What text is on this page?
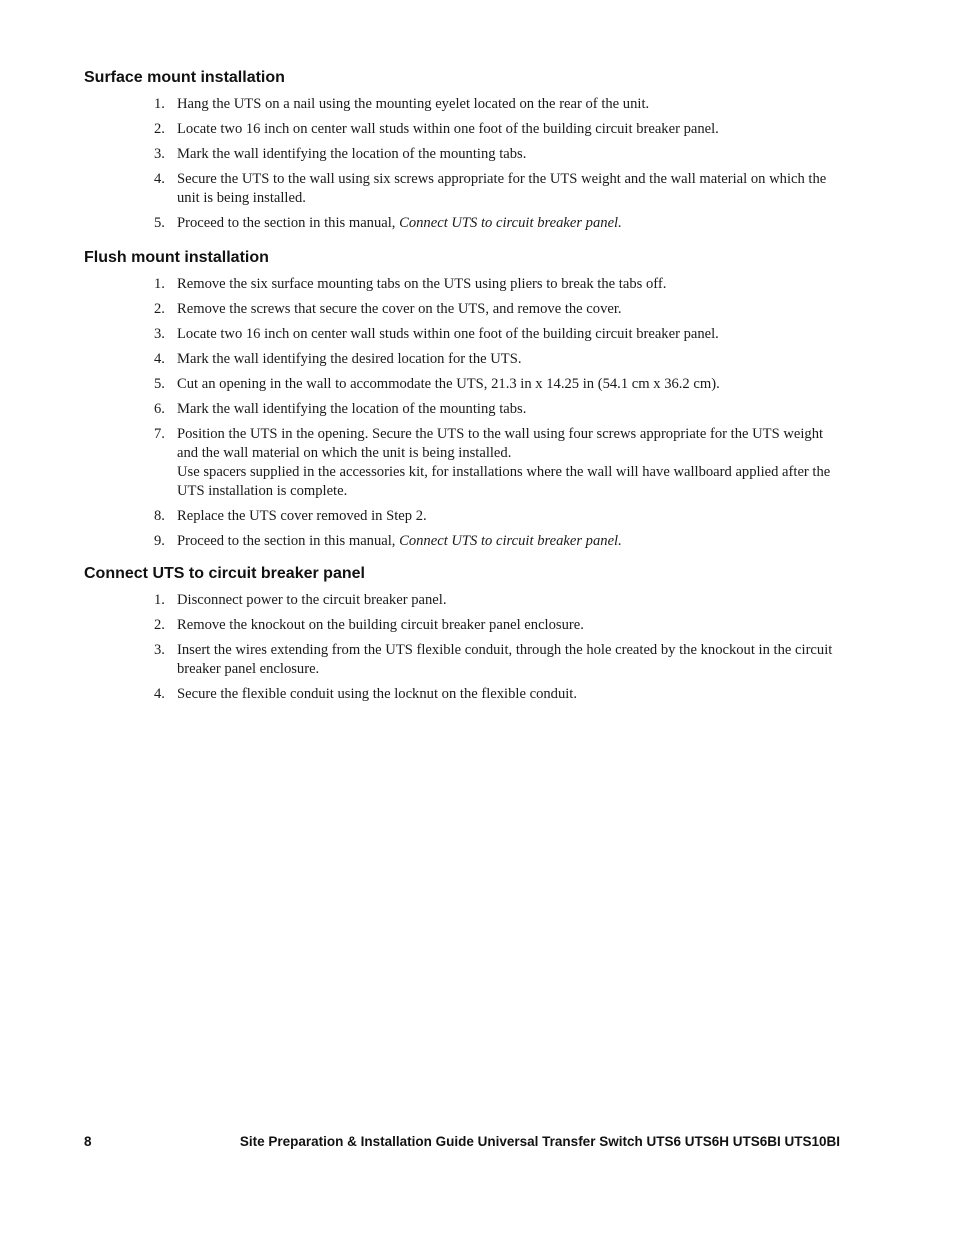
Surface mount installation
1. Hang the UTS on a nail using the mounting eyelet located on the rear of the unit.
2. Locate two 16 inch on center wall studs within one foot of the building circuit breaker panel.
3. Mark the wall identifying the location of the mounting tabs.
4. Secure the UTS to the wall using six screws appropriate for the UTS weight and the wall material on which the unit is being installed.
5. Proceed to the section in this manual, Connect UTS to circuit breaker panel.
Flush mount installation
1. Remove the six surface mounting tabs on the UTS using pliers to break the tabs off.
2. Remove the screws that secure the cover on the UTS, and remove the cover.
3. Locate two 16 inch on center wall studs within one foot of the building circuit breaker panel.
4. Mark the wall identifying the desired location for the UTS.
5. Cut an opening in the wall to accommodate the UTS, 21.3 in x 14.25 in (54.1 cm x 36.2 cm).
6. Mark the wall identifying the location of the mounting tabs.
7. Position the UTS in the opening. Secure the UTS to the wall using four screws appropriate for the UTS weight and the wall material on which the unit is being installed.
Use spacers supplied in the accessories kit, for installations where the wall will have wallboard applied after the UTS installation is complete.
8. Replace the UTS cover removed in Step 2.
9. Proceed to the section in this manual, Connect UTS to circuit breaker panel.
Connect UTS to circuit breaker panel
1. Disconnect power to the circuit breaker panel.
2. Remove the knockout on the building circuit breaker panel enclosure.
3. Insert the wires extending from the UTS flexible conduit, through the hole created by the knockout in the circuit breaker panel enclosure.
4. Secure the flexible conduit using the locknut on the flexible conduit.
8	Site Preparation & Installation Guide Universal Transfer Switch UTS6 UTS6H UTS6BI UTS10BI
